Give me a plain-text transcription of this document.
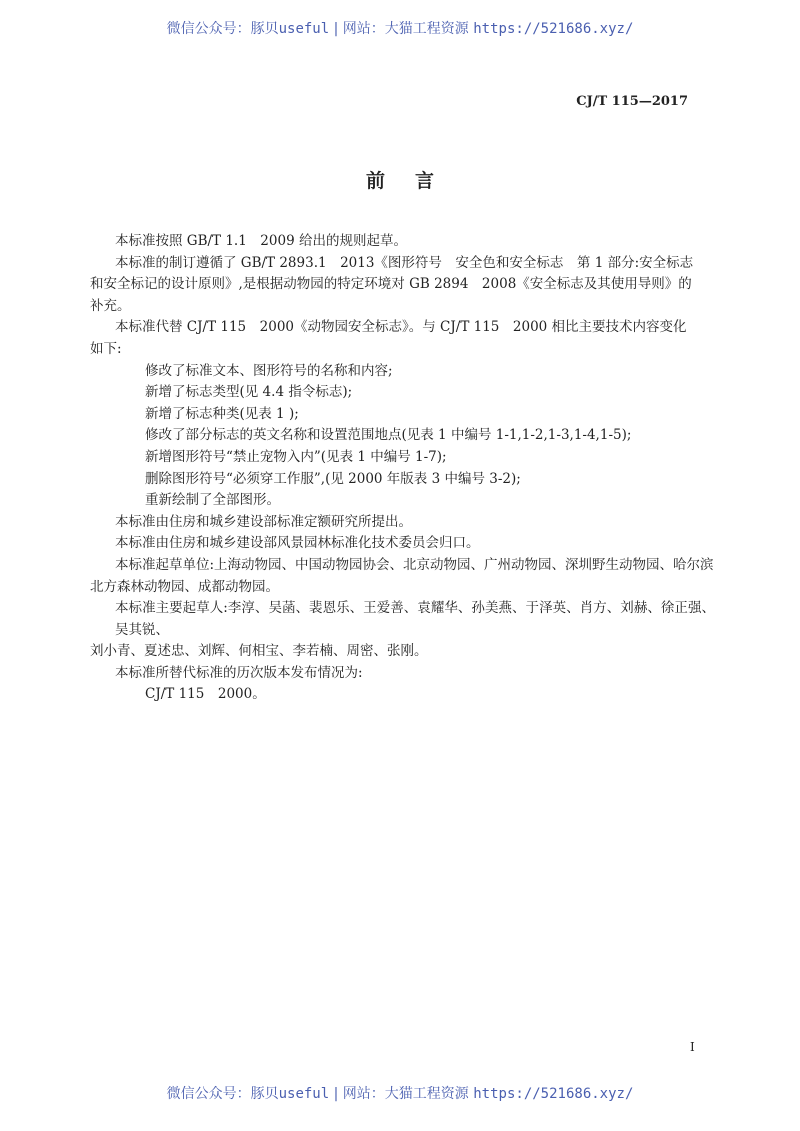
微信公众号：豚贝useful | 网站：大猫工程资源 https://521686.xyz/
CJ/T 115—2017
前言
本标准按照 GB/T 1.1　2009 给出的规则起草。
本标准的制订遵循了 GB/T 2893.1　2013《图形符号　安全色和安全标志　第 1 部分:安全标志
和安全标记的设计原则》,是根据动物园的特定环境对 GB 2894　2008《安全标志及其使用导则》的
补充。
本标准代替 CJ/T 115　2000《动物园安全标志》。与 CJ/T 115　2000 相比主要技术内容变化
如下:
修改了标准文本、图形符号的名称和内容;
新增了标志类型(见 4.4 指令标志);
新增了标志种类(见表 1 );
修改了部分标志的英文名称和设置范围地点(见表 1 中编号 1-1,1-2,1-3,1-4,1-5);
新增图形符号“禁止宠物入内”(见表 1 中编号 1-7);
删除图形符号“必须穿工作服”,(见 2000 年版表 3 中编号 3-2);
重新绘制了全部图形。
本标准由住房和城乡建设部标准定额研究所提出。
本标准由住房和城乡建设部风景园林标准化技术委员会归口。
本标准起草单位:上海动物园、中国动物园协会、北京动物园、广州动物园、深圳野生动物园、哈尔滨
北方森林动物园、成都动物园。
本标准主要起草人:李淳、吴菡、裴恩乐、王爱善、袁耀华、孙美燕、于泽英、肖方、刘赫、徐正强、吴其锐、
刘小青、夏述忠、刘辉、何相宝、李若楠、周密、张刚。
本标准所替代标准的历次版本发布情况为:
CJ/T 115　2000。
I
微信公众号：豚贝useful | 网站：大猫工程资源 https://521686.xyz/
